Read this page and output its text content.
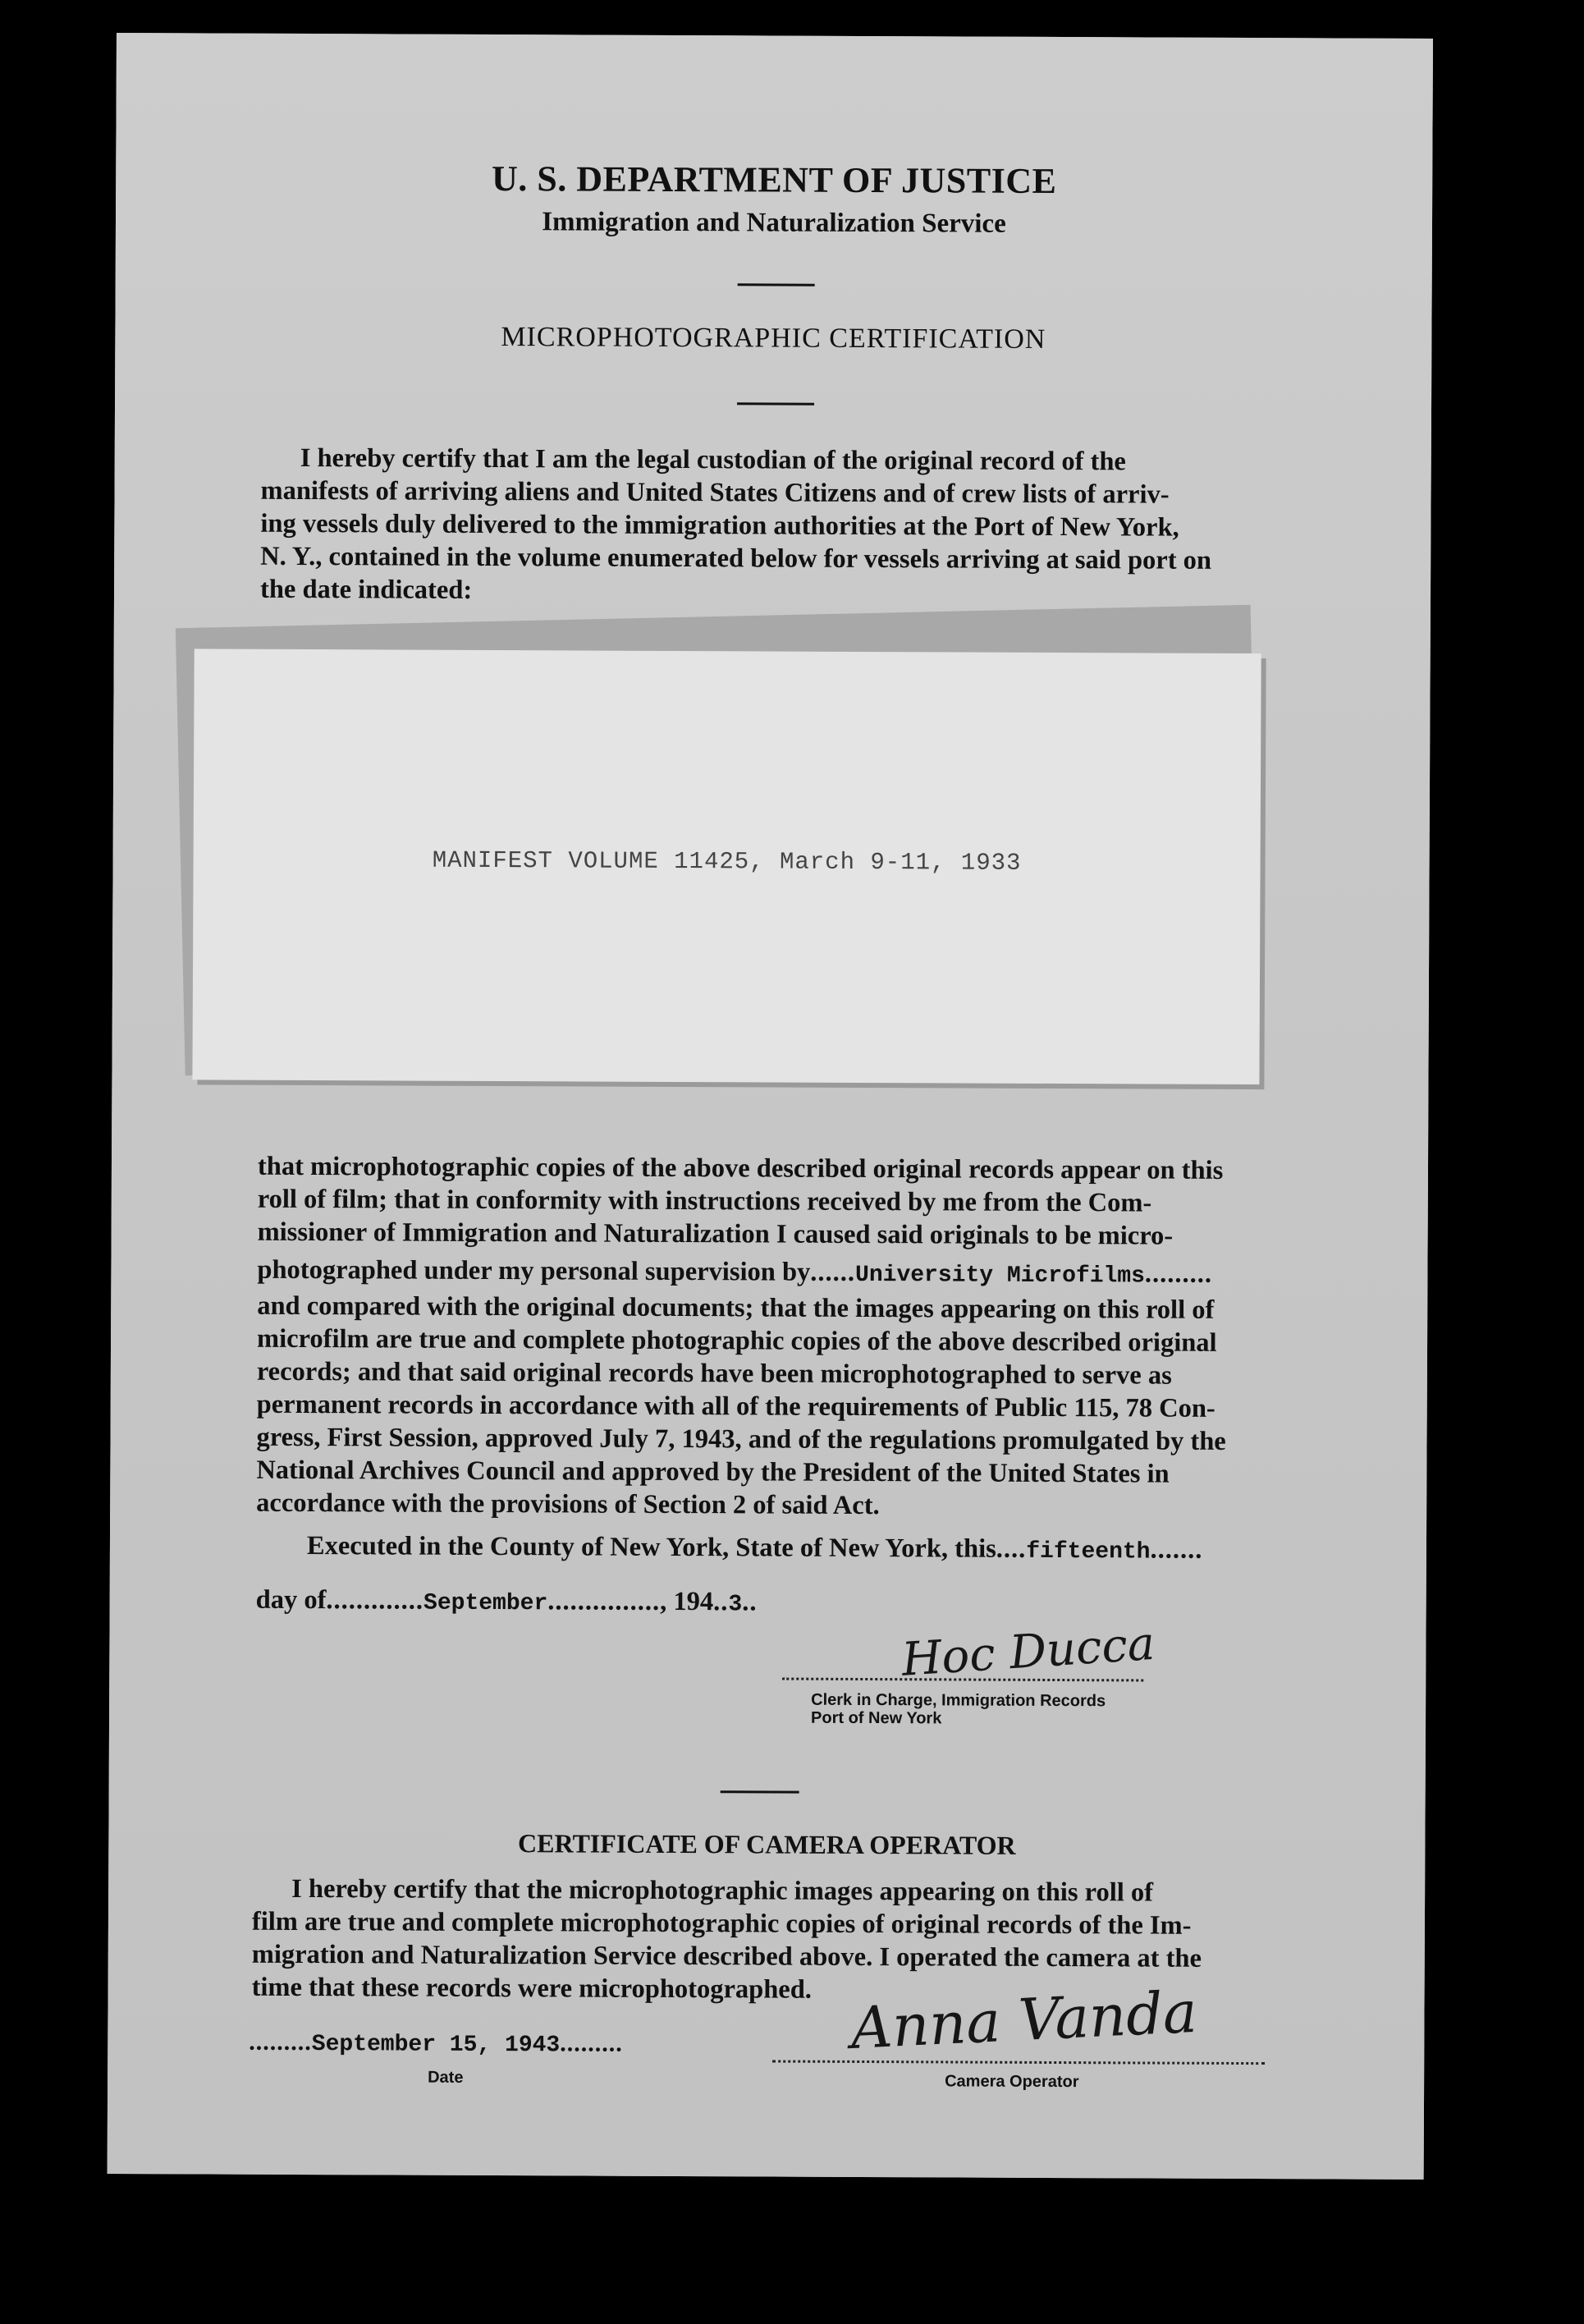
U. S. DEPARTMENT OF JUSTICE
Immigration and Naturalization Service
MICROPHOTOGRAPHIC CERTIFICATION
I hereby certify that I am the legal custodian of the original record of the
manifests of arriving aliens and United States Citizens and of crew lists of arriv-
ing vessels duly delivered to the immigration authorities at the Port of New York,
N. Y., contained in the volume enumerated below for vessels arriving at said port on
the date indicated:
MANIFEST VOLUME 11425, March 9-11, 1933
that microphotographic copies of the above described original records appear on this
roll of film; that in conformity with instructions received by me from the Com-
missioner of Immigration and Naturalization I caused said originals to be micro-
photographed under my personal supervision by......University Microfilms.........
and compared with the original documents; that the images appearing on this roll of
microfilm are true and complete photographic copies of the above described original
records; and that said original records have been microphotographed to serve as
permanent records in accordance with all of the requirements of Public 115, 78 Con-
gress, First Session, approved July 7, 1943, and of the regulations promulgated by the
National Archives Council and approved by the President of the United States in
accordance with the provisions of Section 2 of said Act.
Executed in the County of New York, State of New York, this....fifteenth.......
day of.............September..............., 194..3..
Hoc Ducca
Clerk in Charge, Immigration Records
Port of New York
CERTIFICATE OF CAMERA OPERATOR
I hereby certify that the microphotographic images appearing on this roll of
film are true and complete microphotographic copies of original records of the Im-
migration and Naturalization Service described above. I operated the camera at the
time that these records were microphotographed.
.........September 15, 1943.........
Date
Anna Vanda
Camera Operator
